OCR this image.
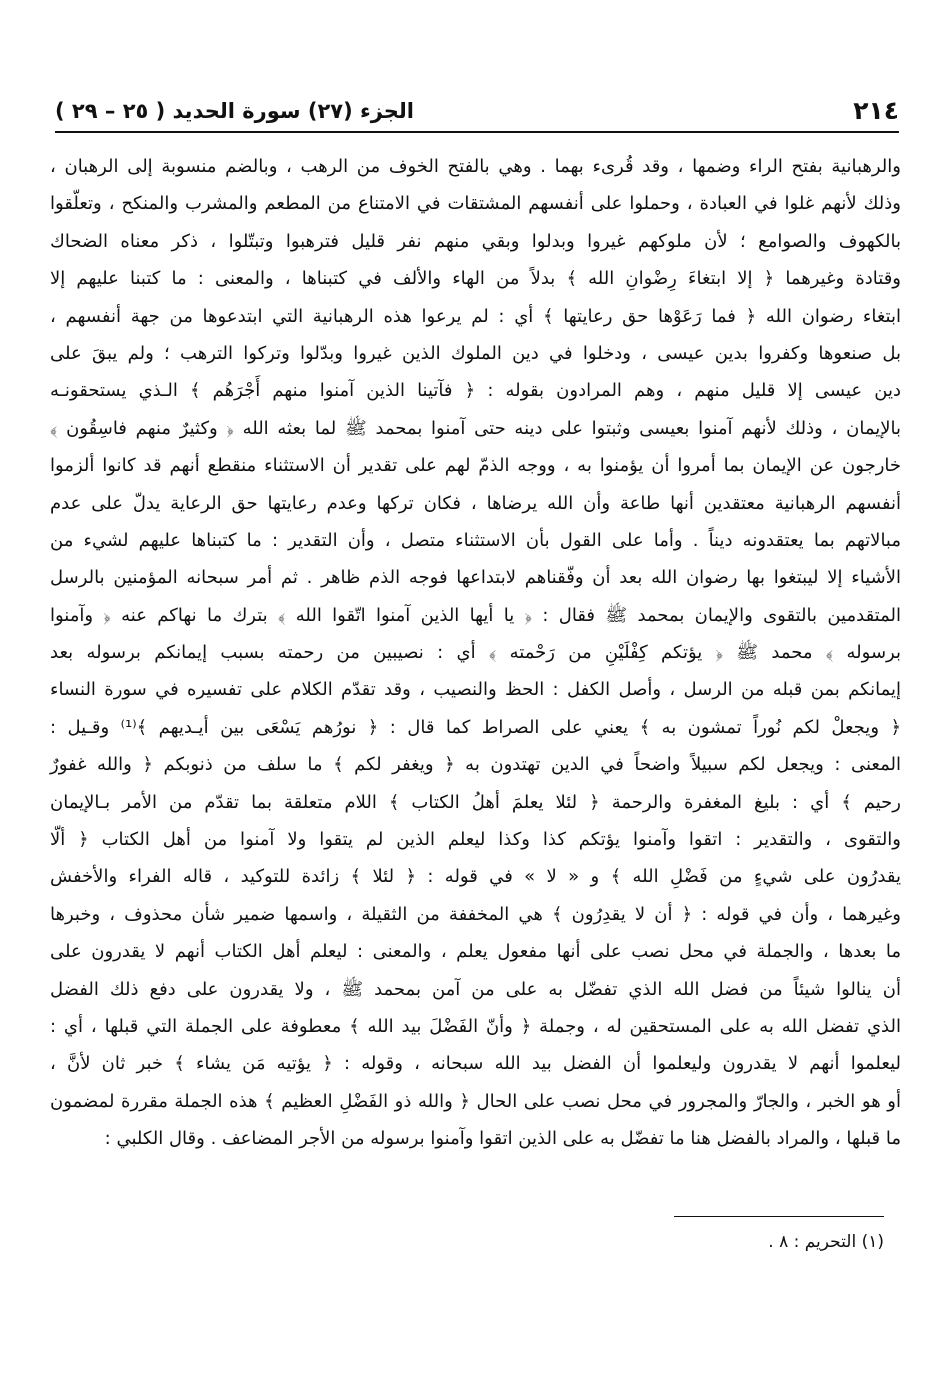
٢١٤
الجزء (٢٧) سورة الحديد ( ٢٥ – ٢٩ )
والرهبانية بفتح الراء وضمها ، وقد قُرىء بهما . وهي بالفتح الخوف من الرهب ، وبالضم منسوبة إلى الرهبان ،
وذلك لأنهم غلوا في العبادة ، وحملوا على أنفسهم المشتقات في الامتناع من المطعم والمشرب والمنكح ، وتعلّقوا
بالكهوف والصوامع ؛ لأن ملوكهم غيروا وبدلوا وبقي منهم نفر قليل فترهبوا وتبتّلوا ، ذكر معناه الضحاك
وقتادة وغيرهما ﴿ إلا ابتغاءَ رِضْوانِ الله ﴾ بدلاً من الهاء والألف في كتبناها ، والمعنى : ما كتبنا عليهم إلا
ابتغاء رضوان الله ﴿ فما رَعَوْها حق رعايتها ﴾ أي : لم يرعوا هذه الرهبانية التي ابتدعوها من جهة أنفسهم ،
بل صنعوها وكفروا بدين عيسى ، ودخلوا في دين الملوك الذين غيروا وبدّلوا وتركوا الترهب ؛ ولم يبقَ على
دين عيسى إلا قليل منهم ، وهم المرادون بقوله : ﴿ فآتينا الذين آمنوا منهم أَجْرَهُم ﴾ الـذي يستحقونـه
بالإيمان ، وذلك لأنهم آمنوا بعيسى وثبتوا على دينه حتى آمنوا بمحمد ﷺ لما بعثه الله ﴿ وكثيرٌ منهم فاسِقُون ﴾
خارجون عن الإيمان بما أمروا أن يؤمنوا به ، ووجه الذمّ لهم على تقدير أن الاستثناء منقطع أنهم قد كانوا ألزموا
أنفسهم الرهبانية معتقدين أنها طاعة وأن الله يرضاها ، فكان تركها وعدم رعايتها حق الرعاية يدلّ على عدم
مبالاتهم بما يعتقدونه ديناً . وأما على القول بأن الاستثناء متصل ، وأن التقدير : ما كتبناها عليهم لشيء من
الأشياء إلا ليبتغوا بها رضوان الله بعد أن وفّقناهم لابتداعها فوجه الذم ظاهر . ثم أمر سبحانه المؤمنين بالرسل
المتقدمين بالتقوى والإيمان بمحمد ﷺ فقال : ﴿ يا أيها الذين آمنوا اتّقوا الله ﴾ بترك ما نهاكم عنه ﴿ وآمنوا
برسوله ﴾ محمد ﷺ ﴿ يؤتكم كِفْلَيْنِ من رَحْمته ﴾ أي : نصيبين من رحمته بسبب إيمانكم برسوله بعد
إيمانكم بمن قبله من الرسل ، وأصل الكفل : الحظ والنصيب ، وقد تقدّم الكلام على تفسيره في سورة النساء
﴿ ويجعلْ لكم نُوراً تمشون به ﴾ يعني على الصراط كما قال : ﴿ نورُهم يَسْعَى بين أيـديهم ﴾⁽¹⁾ وقـيل :
المعنى : ويجعل لكم سبيلاً واضحاً في الدين تهتدون به ﴿ ويغفر لكم ﴾ ما سلف من ذنوبكم ﴿ والله غفورٌ
رحيم ﴾ أي : بليغ المغفرة والرحمة ﴿ لئلا يعلمَ أهلُ الكتاب ﴾ اللام متعلقة بما تقدّم من الأمر بـالإيمان
والتقوى ، والتقدير : اتقوا وآمنوا يؤتكم كذا وكذا ليعلم الذين لم يتقوا ولا آمنوا من أهل الكتاب ﴿ ألّا
يقدرُون على شيءٍ من فَضْلِ الله ﴾ و « لا » في قوله : ﴿ لئلا ﴾ زائدة للتوكيد ، قاله الفراء والأخفش
وغيرهما ، وأن في قوله : ﴿ أن لا يقدِرُون ﴾ هي المخففة من الثقيلة ، واسمها ضمير شأن محذوف ، وخبرها
ما بعدها ، والجملة في محل نصب على أنها مفعول يعلم ، والمعنى : ليعلم أهل الكتاب أنهم لا يقدرون على
أن ينالوا شيئاً من فضل الله الذي تفضّل به على من آمن بمحمد ﷺ ، ولا يقدرون على دفع ذلك الفضل
الذي تفضل الله به على المستحقين له ، وجملة ﴿ وأنّ الفَضْلَ بيد الله ﴾ معطوفة على الجملة التي قبلها ، أي :
ليعلموا أنهم لا يقدرون وليعلموا أن الفضل بيد الله سبحانه ، وقوله : ﴿ يؤتيه مَن يشاء ﴾ خبر ثان لأنَّ ،
أو هو الخبر ، والجارّ والمجرور في محل نصب على الحال ﴿ والله ذو الفَضْلِ العظيم ﴾ هذه الجملة مقررة لمضمون
ما قبلها ، والمراد بالفضل هنا ما تفضّل به على الذين اتقوا وآمنوا برسوله من الأجر المضاعف . وقال الكلبي :
(١) التحريم : ٨ .
